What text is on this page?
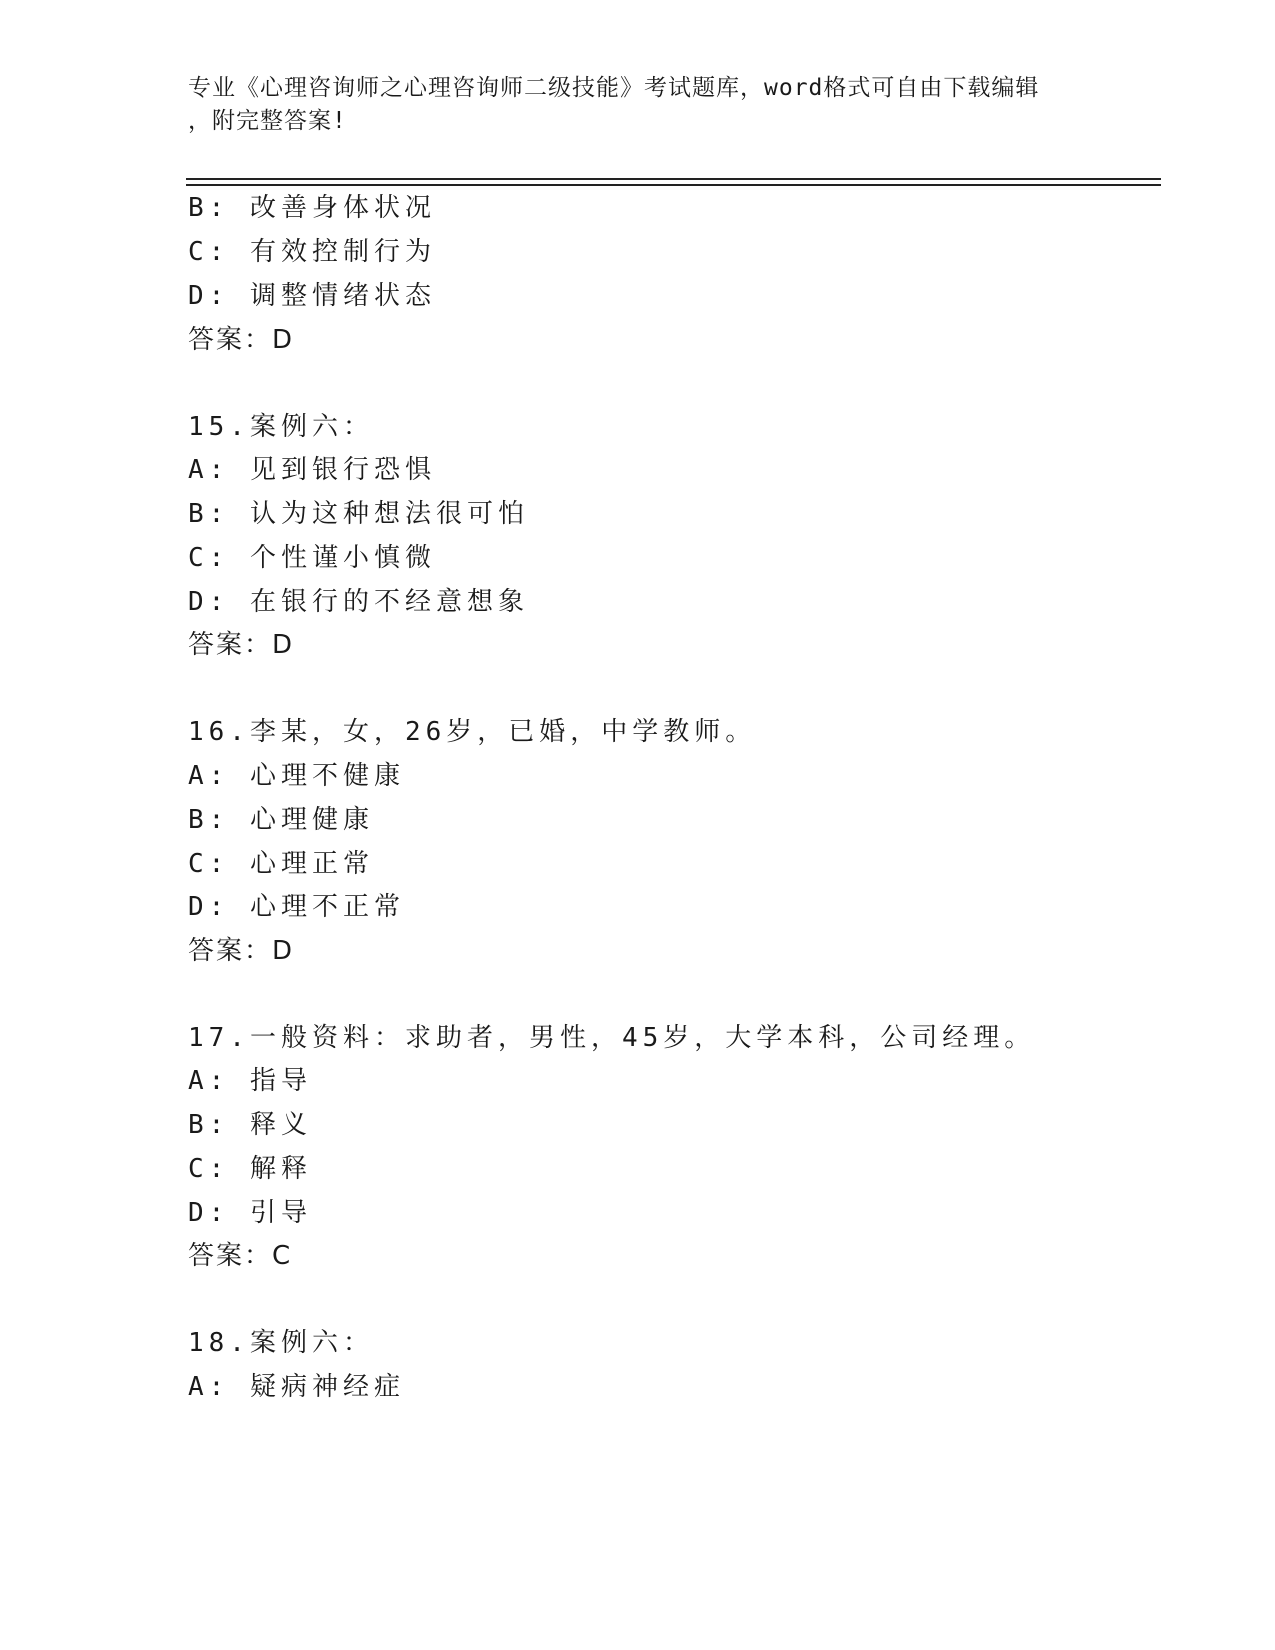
专业《心理咨询师之心理咨询师二级技能》考试题库，word格式可自由下载编辑
，附完整答案!
B: 改善身体状况
C: 有效控制行为
D: 调整情绪状态
答案：D
15.案例六：
A: 见到银行恐惧
B: 认为这种想法很可怕
C: 个性谨小慎微
D: 在银行的不经意想象
答案：D
16.李某，女，26岁，已婚，中学教师。
A: 心理不健康
B: 心理健康
C: 心理正常
D: 心理不正常
答案：D
17.一般资料：求助者，男性，45岁，大学本科，公司经理。
A: 指导
B: 释义
C: 解释
D: 引导
答案：C
18.案例六：
A: 疑病神经症
